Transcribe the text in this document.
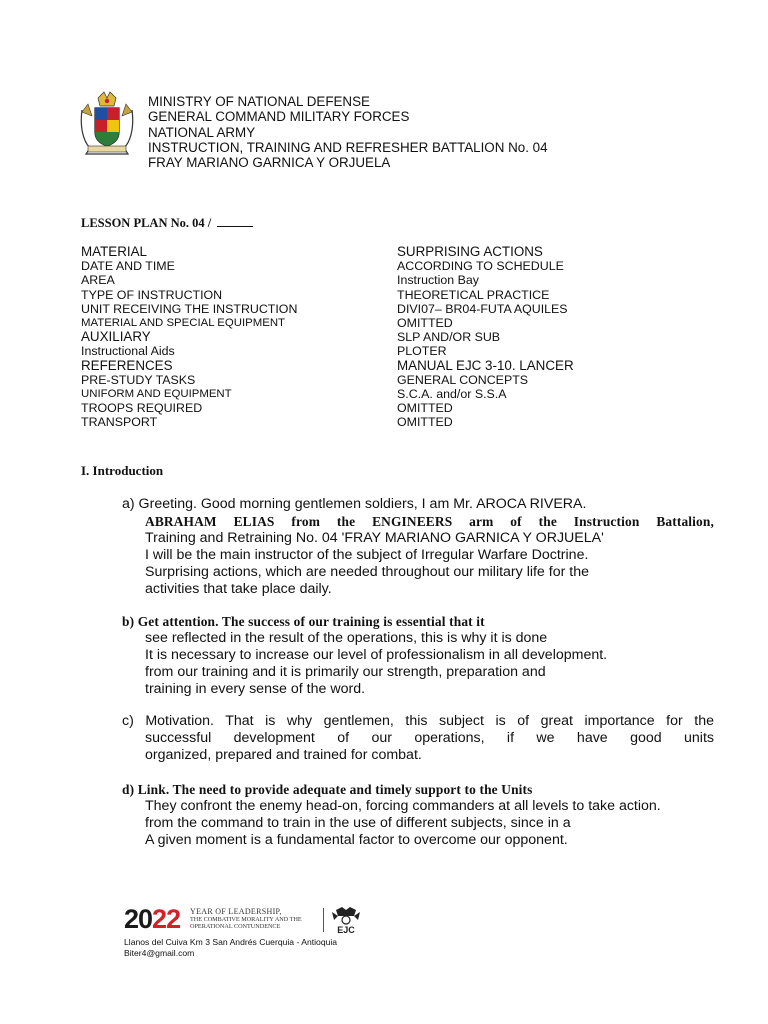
MINISTRY OF NATIONAL DEFENSE
GENERAL COMMAND MILITARY FORCES
NATIONAL ARMY
INSTRUCTION, TRAINING AND REFRESHER BATTALION No. 04
FRAY MARIANO GARNICA Y ORJUELA
LESSON PLAN No. 04 /
MATERIAL	SURPRISING ACTIONS
DATE AND TIME	ACCORDING TO SCHEDULE
AREA	Instruction Bay
TYPE OF INSTRUCTION	THEORETICAL PRACTICE
UNIT RECEIVING THE INSTRUCTION	DIVI07– BR04-FUTA AQUILES
MATERIAL AND SPECIAL EQUIPMENT	OMITTED
AUXILIARY	SLP AND/OR SUB
Instructional Aids	PLOTER
REFERENCES	MANUAL EJC 3-10. LANCER
PRE-STUDY TASKS	GENERAL CONCEPTS
UNIFORM AND EQUIPMENT	S.C.A. and/or S.S.A
TROOPS REQUIRED	OMITTED
TRANSPORT	OMITTED
I. Introduction
a) Greeting. Good morning gentlemen soldiers, I am Mr. AROCA RIVERA.
ABRAHAM ELIAS from the ENGINEERS arm of the Instruction Battalion,
Training and Retraining No. 04 'FRAY MARIANO GARNICA Y ORJUELA'
I will be the main instructor of the subject of Irregular Warfare Doctrine.
Surprising actions, which are needed throughout our military life for the
activities that take place daily.
b) Get attention. The success of our training is essential that it
see reflected in the result of the operations, this is why it is done
It is necessary to increase our level of professionalism in all development.
from our training and it is primarily our strength, preparation and
training in every sense of the word.
c) Motivation. That is why gentlemen, this subject is of great importance for the
successful development of our operations, if we have good units
organized, prepared and trained for combat.
d) Link. The need to provide adequate and timely support to the Units
They confront the enemy head-on, forcing commanders at all levels to take action.
from the command to train in the use of different subjects, since in a
A given moment is a fundamental factor to overcome our opponent.
2022 YEAR OF LEADERSHIP,
THE COMBATIVE MORALITY AND THE
OPERATIONAL CONTUNDENCE	EJC
Llanos del Cuiva Km 3 San Andrés Cuerquia - Antioquia
Biter4@gmail.com
